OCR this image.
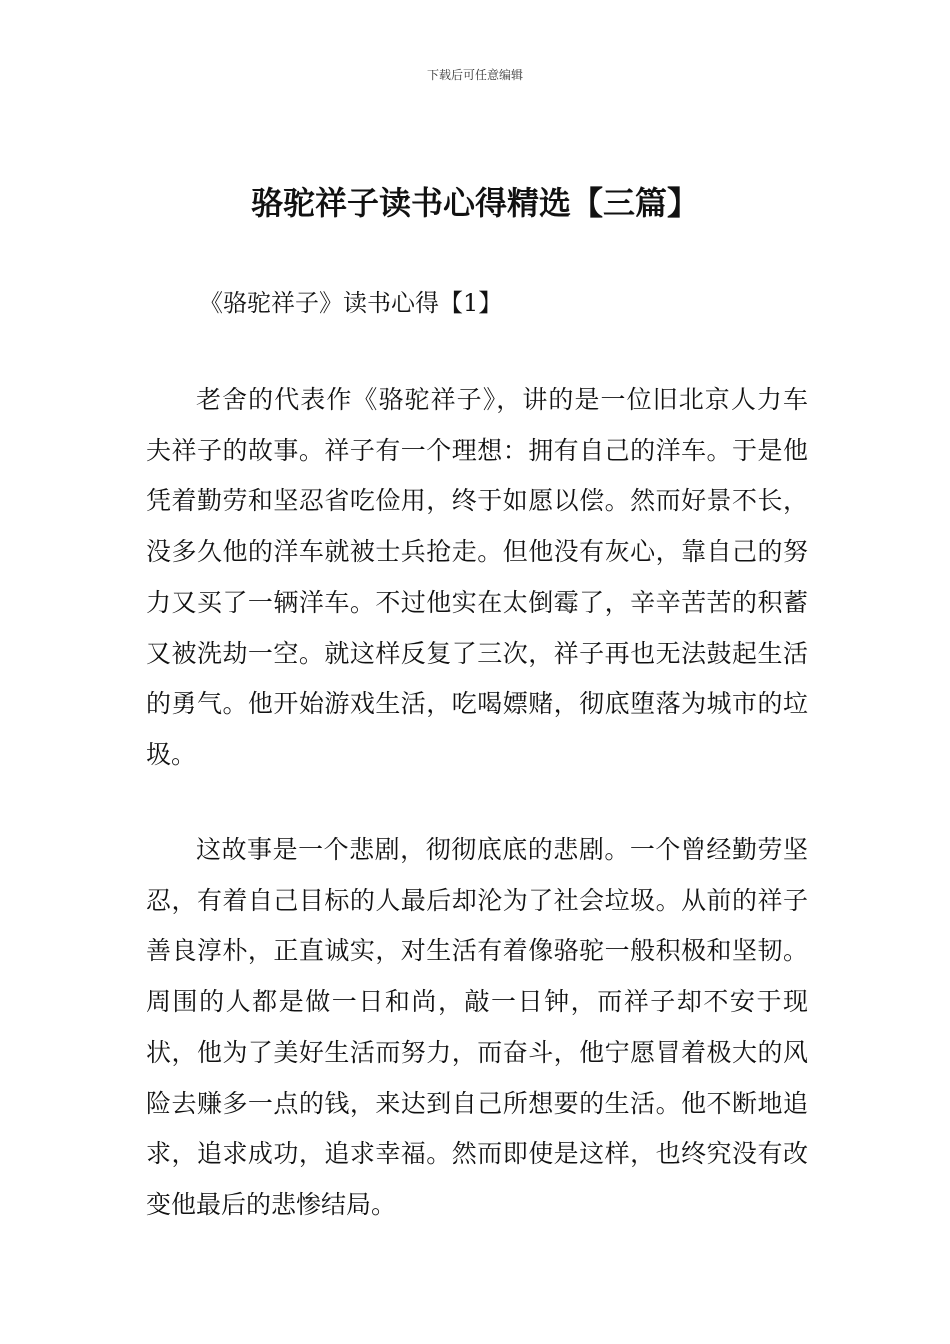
下载后可任意编辑
骆驼祥子读书心得精选【三篇】
《骆驼祥子》读书心得【1】

老舍的代表作《骆驼祥子》，讲的是一位旧北京人力车夫祥子的故事。祥子有一个理想：拥有自己的洋车。于是他凭着勤劳和坚忍省吃俭用，终于如愿以偿。然而好景不长，没多久他的洋车就被士兵抢走。但他没有灰心，靠自己的努力又买了一辆洋车。不过他实在太倒霉了，辛辛苦苦的积蓄又被洗劫一空。就这样反复了三次，祥子再也无法鼓起生活的勇气。他开始游戏生活，吃喝嫖赌，彻底堕落为城市的垃圾。

这故事是一个悲剧，彻彻底底的悲剧。一个曾经勤劳坚忍，有着自己目标的人最后却沦为了社会垃圾。从前的祥子善良淳朴，正直诚实，对生活有着像骆驼一般积极和坚韧。周围的人都是做一日和尚，敲一日钟，而祥子却不安于现状，他为了美好生活而努力，而奋斗，他宁愿冒着极大的风险去赚多一点的钱，来达到自己所想要的生活。他不断地追求，追求成功，追求幸福。然而即使是这样，也终究没有改变他最后的悲惨结局。
